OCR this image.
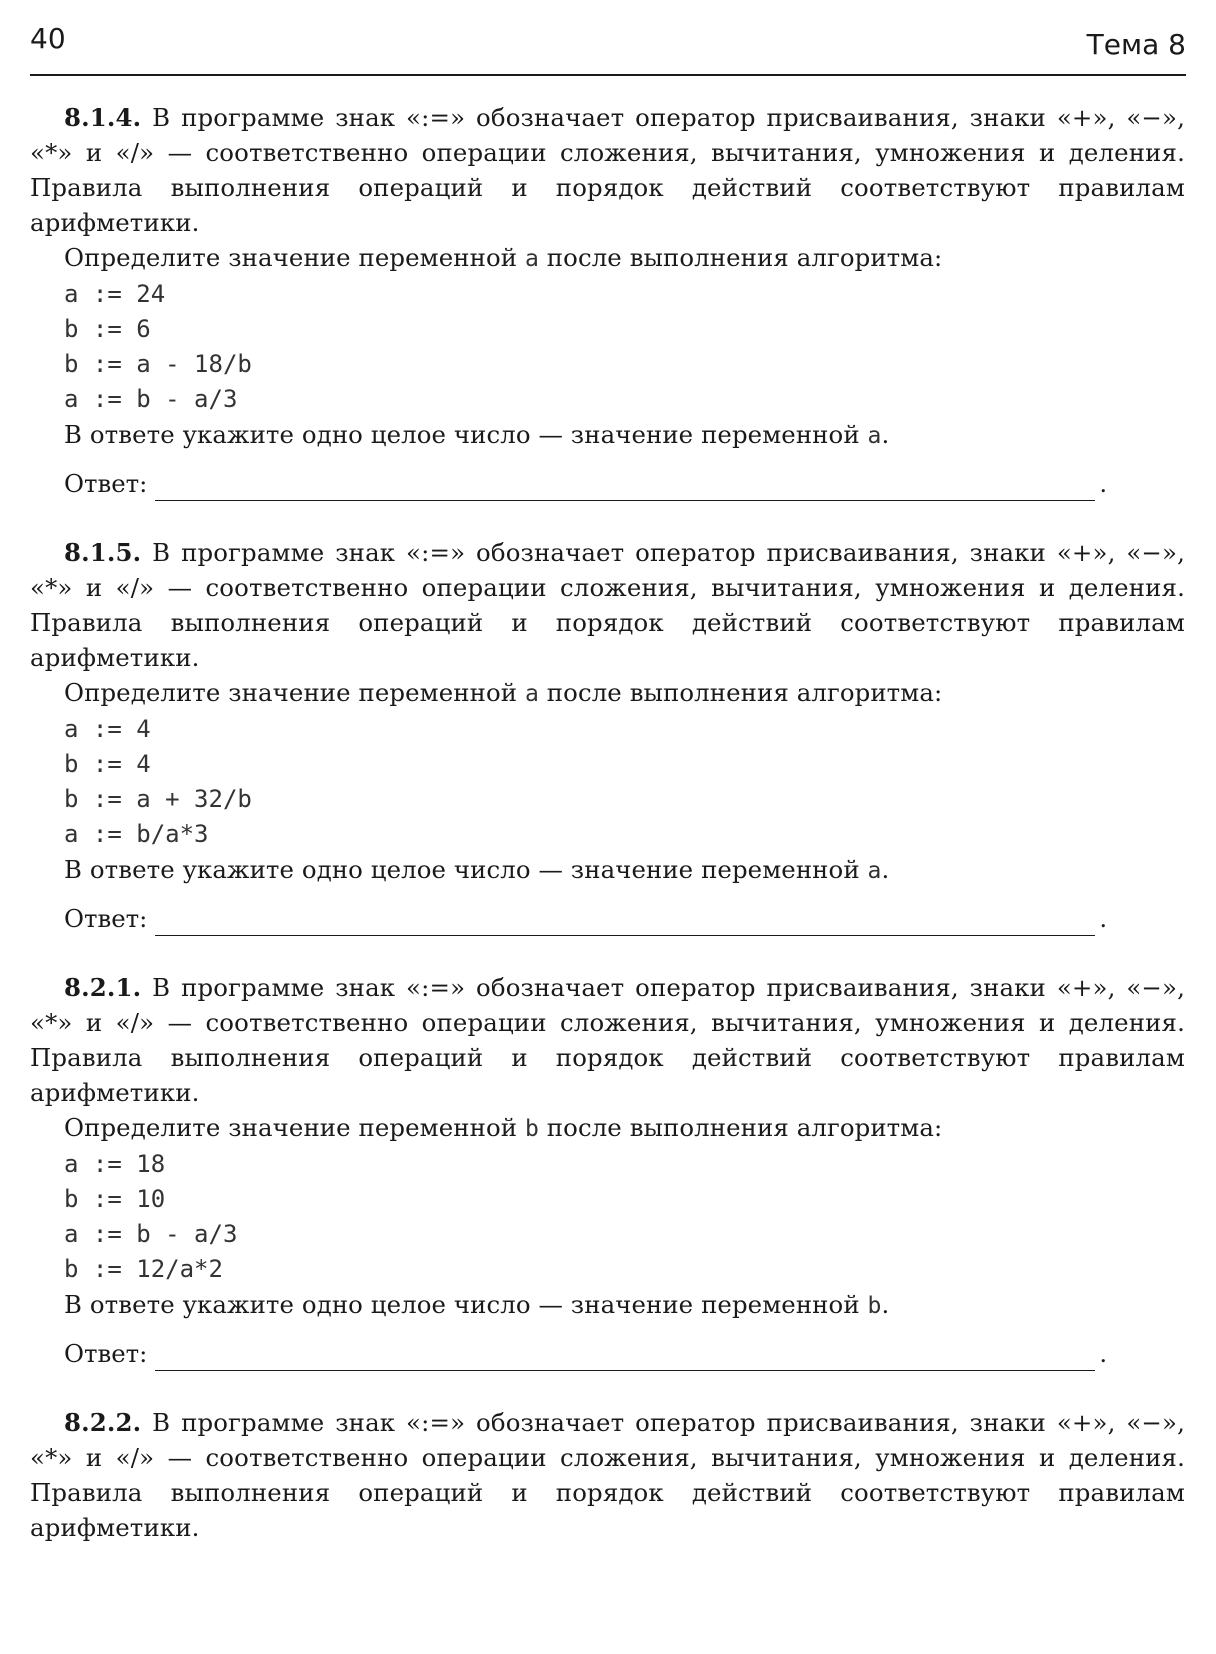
40	Тема 8

8.1.4. В программе знак «:=» обозначает оператор присваивания, знаки «+», «−», «*» и «/» — соответственно операции сложения, вычитания, умножения и деления. Правила выполнения операций и порядок действий соответствуют правилам арифметики.

Определите значение переменной a после выполнения алгоритма:

a := 24
b := 6
b := a - 18/b
a := b - a/3

В ответе укажите одно целое число — значение переменной a.

Ответ:	.

8.1.5. В программе знак «:=» обозначает оператор присваивания, знаки «+», «−», «*» и «/» — соответственно операции сложения, вычитания, умножения и деления. Правила выполнения операций и порядок действий соответствуют правилам арифметики.

Определите значение переменной a после выполнения алгоритма:

a := 4
b := 4
b := a + 32/b
a := b/a*3

В ответе укажите одно целое число — значение переменной a.

Ответ:	.

8.2.1. В программе знак «:=» обозначает оператор присваивания, знаки «+», «−», «*» и «/» — соответственно операции сложения, вычитания, умножения и деления. Правила выполнения операций и порядок действий соответствуют правилам арифметики.

Определите значение переменной b после выполнения алгоритма:

a := 18
b := 10
a := b - a/3
b := 12/a*2

В ответе укажите одно целое число — значение переменной b.

Ответ:	.

8.2.2. В программе знак «:=» обозначает оператор присваивания, знаки «+», «−», «*» и «/» — соответственно операции сложения, вычитания, умножения и деления. Правила выполнения операций и порядок действий соответствуют правилам арифметики.
